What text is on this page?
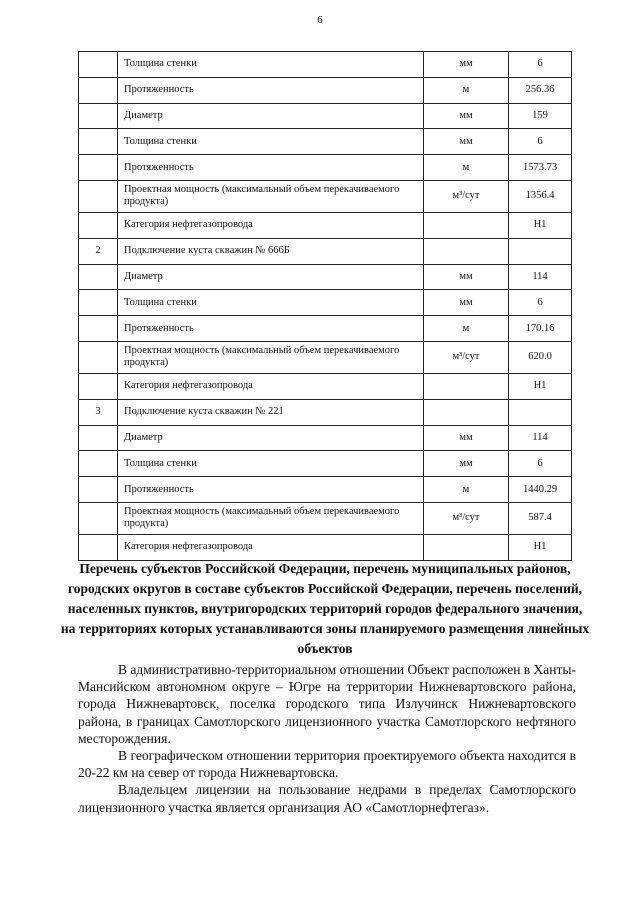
6
	Толщина стенки	мм	6
	Протяженность	м	256.36
	Диаметр	мм	159
	Толщина стенки	мм	6
	Протяженность	м	1573.73
	Проектная мощность (максимальный объем перекачиваемого продукта)	м³/сут	1356.4
	Категория нефтегазопровода		Н1
2	Подключение куста скважин № 666Б		
	Диаметр	мм	114
	Толщина стенки	мм	6
	Протяженность	м	170.16
	Проектная мощность (максимальный объем перекачиваемого продукта)	м³/сут	620.0
	Категория нефтегазопровода		Н1
3	Подключение куста скважин № 221		
	Диаметр	мм	114
	Толщина стенки	мм	6
	Протяженность	м	1440.29
	Проектная мощность (максимальный объем перекачиваемого продукта)	м³/сут	587.4
	Категория нефтегазопровода		Н1
Перечень субъектов Российской Федерации, перечень муниципальных районов, городских округов в составе субъектов Российской Федерации, перечень поселений, населенных пунктов, внутригородских территорий городов федерального значения, на территориях которых устанавливаются зоны планируемого размещения линейных объектов

В административно-территориальном отношении Объект расположен в Ханты-Мансийском автономном округе – Югре на территории Нижневартовского района, города Нижневартовск, поселка городского типа Излучинск Нижневартовского района, в границах Самотлорского лицензионного участка Самотлорского нефтяного месторождения.

В географическом отношении территория проектируемого объекта находится в 20-22 км на север от города Нижневартовска.

Владельцем лицензии на пользование недрами в пределах Самотлорского лицензионного участка является организация АО «Самотлорнефтегаз».
